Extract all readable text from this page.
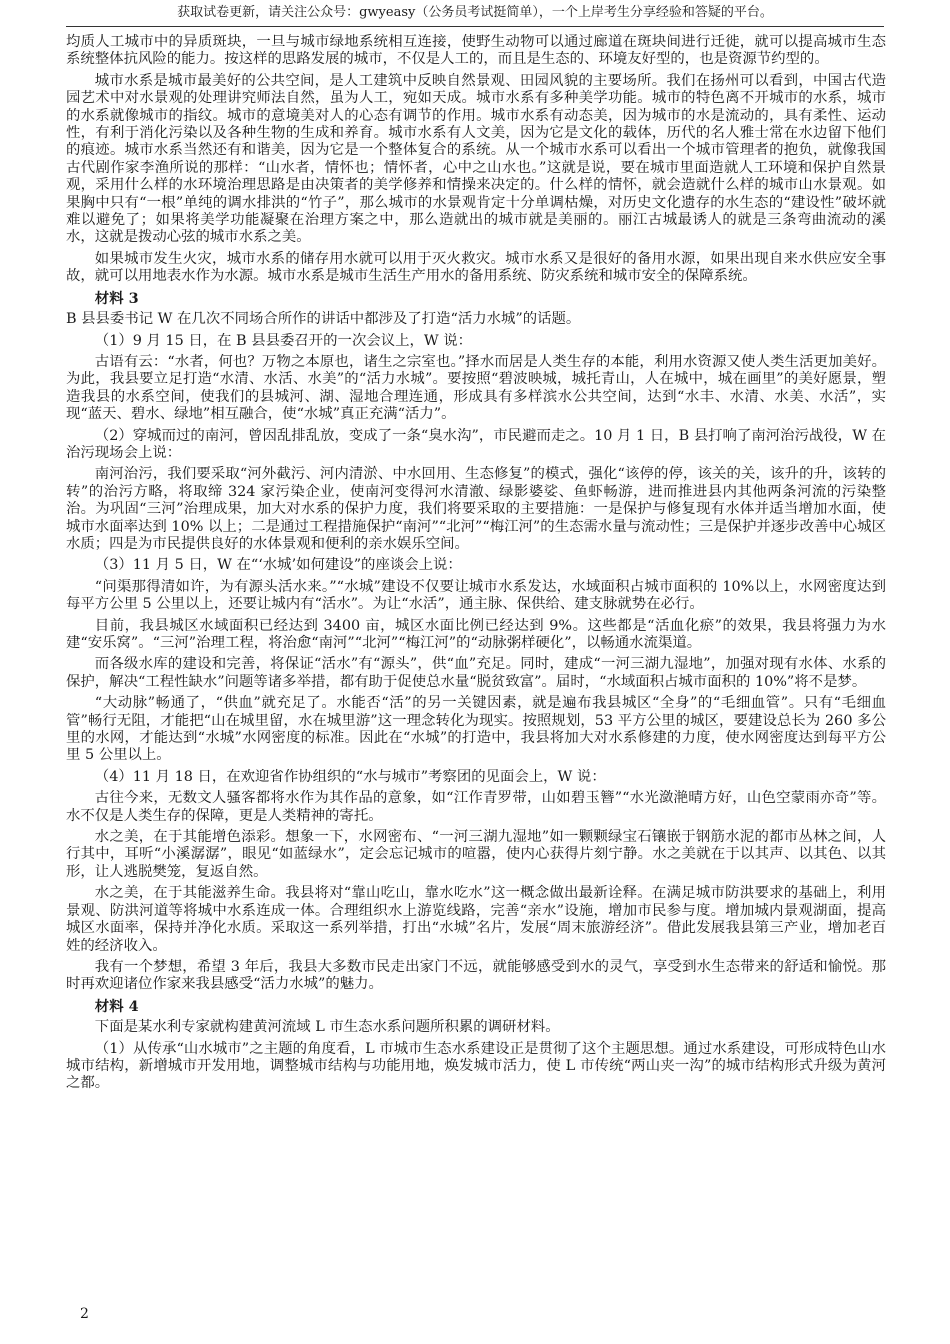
获取试卷更新，请关注公众号：gwyeasy（公务员考试挺简单），一个上岸考生分享经验和答疑的平台。

均质人工城市中的异质斑块，一旦与城市绿地系统相互连接，使野生动物可以通过廊道在斑块间进行迁徙，就可以提高城市生态系统整体抗风险的能力。按这样的思路发展的城市，不仅是人工的，而且是生态的、环境友好型的，也是资源节约型的。

城市水系是城市最美好的公共空间，是人工建筑中反映自然景观、田园风貌的主要场所。我们在扬州可以看到，中国古代造园艺术中对水景观的处理讲究师法自然，虽为人工，宛如天成。城市水系有多种美学功能。城市的特色离不开城市的水系，城市的水系就像城市的指纹。城市的意境美对人的心态有调节的作用。城市水系有动态美，因为城市的水是流动的，具有柔性、运动性，有利于消化污染以及各种生物的生成和养育。城市水系有人文美，因为它是文化的载体，历代的名人雅士常在水边留下他们的痕迹。城市水系当然还有和谐美，因为它是一个整体复合的系统。从一个城市水系可以看出一个城市管理者的抱负，就像我国古代剧作家李渔所说的那样：“山水者，情怀也；情怀者，心中之山水也。”这就是说，要在城市里面造就人工环境和保护自然景观，采用什么样的水环境治理思路是由决策者的美学修养和情操来决定的。什么样的情怀，就会造就什么样的城市山水景观。如果胸中只有“一根”单纯的调水排洪的“竹子”，那么城市的水景观肯定十分单调枯燥，对历史文化遗存的水生态的“建设性”破坏就难以避免了；如果将美学功能凝聚在治理方案之中，那么造就出的城市就是美丽的。丽江古城最诱人的就是三条弯曲流动的溪水，这就是拨动心弦的城市水系之美。

如果城市发生火灾，城市水系的储存用水就可以用于灭火救灾。城市水系又是很好的备用水源，如果出现自来水供应安全事故，就可以用地表水作为水源。城市水系是城市生活生产用水的备用系统、防灾系统和城市安全的保障系统。

材料 3

B 县县委书记 W 在几次不同场合所作的讲话中都涉及了打造“活力水城”的话题。

（1）9 月 15 日，在 B 县县委召开的一次会议上，W 说：

古语有云：“水者，何也？万物之本原也，诸生之宗室也。”择水而居是人类生存的本能，利用水资源又使人类生活更加美好。为此，我县要立足打造“水清、水活、水美”的“活力水城”。要按照“碧波映城，城托青山，人在城中，城在画里”的美好愿景，塑造我县的水系空间，使我们的县城河、湖、湿地合理连通，形成具有多样滨水公共空间，达到“水丰、水清、水美、水活”，实现“蓝天、碧水、绿地”相互融合，使“水城”真正充满“活力”。

（2）穿城而过的南河，曾因乱排乱放，变成了一条“臭水沟”，市民避而走之。10 月 1 日，B 县打响了南河治污战役，W 在治污现场会上说：

南河治污，我们要采取“河外截污、河内清淤、中水回用、生态修复”的模式，强化“该停的停，该关的关，该升的升，该转的转”的治污方略，将取缔 324 家污染企业，使南河变得河水清澈、绿影婆娑、鱼虾畅游，进而推进县内其他两条河流的污染整治。为巩固“三河”治理成果，加大对水系的保护力度，我们将要采取的主要措施：一是保护与修复现有水体并适当增加水面，使城市水面率达到 10% 以上；二是通过工程措施保护“南河”“北河”“梅江河”的生态需水量与流动性；三是保护并逐步改善中心城区水质；四是为市民提供良好的水体景观和便利的亲水娱乐空间。

（3）11 月 5 日，W 在“‘水城’如何建设”的座谈会上说：

“问渠那得清如许，为有源头活水来。”“水城”建设不仅要让城市水系发达，水域面积占城市面积的 10%以上，水网密度达到每平方公里 5 公里以上，还要让城内有“活水”。为让“水活”，通主脉、保供给、建支脉就势在必行。

目前，我县城区水域面积已经达到 3400 亩，城区水面比例已经达到 9%。这些都是“活血化瘀”的效果，我县将强力为水建“安乐窝”。“三河”治理工程，将治愈“南河”“北河”“梅江河”的“动脉粥样硬化”，以畅通水流渠道。

而各级水库的建设和完善，将保证“活水”有“源头”，供“血”充足。同时，建成“一河三湖九湿地”，加强对现有水体、水系的保护，解决“工程性缺水”问题等诸多举措，都有助于促使总水量“脱贫致富”。届时，“水域面积占城市面积的 10%”将不是梦。

“大动脉”畅通了，“供血”就充足了。水能否“活”的另一关键因素，就是遍布我县城区“全身”的“毛细血管”。只有“毛细血管”畅行无阻，才能把“山在城里留，水在城里游”这一理念转化为现实。按照规划，53 平方公里的城区，要建设总长为 260 多公里的水网，才能达到“水城”水网密度的标准。因此在“水城”的打造中，我县将加大对水系修建的力度，使水网密度达到每平方公里 5 公里以上。

（4）11 月 18 日，在欢迎省作协组织的“水与城市”考察团的见面会上，W 说：

古往今来，无数文人骚客都将水作为其作品的意象，如“江作青罗带，山如碧玉簪”“水光潋滟晴方好，山色空蒙雨亦奇”等。水不仅是人类生存的保障，更是人类精神的寄托。

水之美，在于其能增色添彩。想象一下，水网密布、“一河三湖九湿地”如一颗颗绿宝石镶嵌于钢筋水泥的都市丛林之间，人行其中，耳听“小溪潺潺”，眼见“如蓝绿水”，定会忘记城市的喧嚣，使内心获得片刻宁静。水之美就在于以其声、以其色、以其形，让人逃脱樊笼，复返自然。

水之美，在于其能滋养生命。我县将对“靠山吃山，靠水吃水”这一概念做出最新诠释。在满足城市防洪要求的基础上，利用景观、防洪河道等将城中水系连成一体。合理组织水上游览线路，完善“亲水”设施，增加市民参与度。增加城内景观湖面，提高城区水面率，保持并净化水质。采取这一系列举措，打出“水城”名片，发展“周末旅游经济”。借此发展我县第三产业，增加老百姓的经济收入。

我有一个梦想，希望 3 年后，我县大多数市民走出家门不远，就能够感受到水的灵气，享受到水生态带来的舒适和愉悦。那时再欢迎诸位作家来我县感受“活力水城”的魅力。

材料 4

下面是某水利专家就构建黄河流域 L 市生态水系问题所积累的调研材料。

（1）从传承“山水城市”之主题的角度看，L 市城市生态水系建设正是贯彻了这个主题思想。通过水系建设，可形成特色山水城市结构，新增城市开发用地，调整城市结构与功能用地，焕发城市活力，使 L 市传统“两山夹一沟”的城市结构形式升级为黄河之都。

2
